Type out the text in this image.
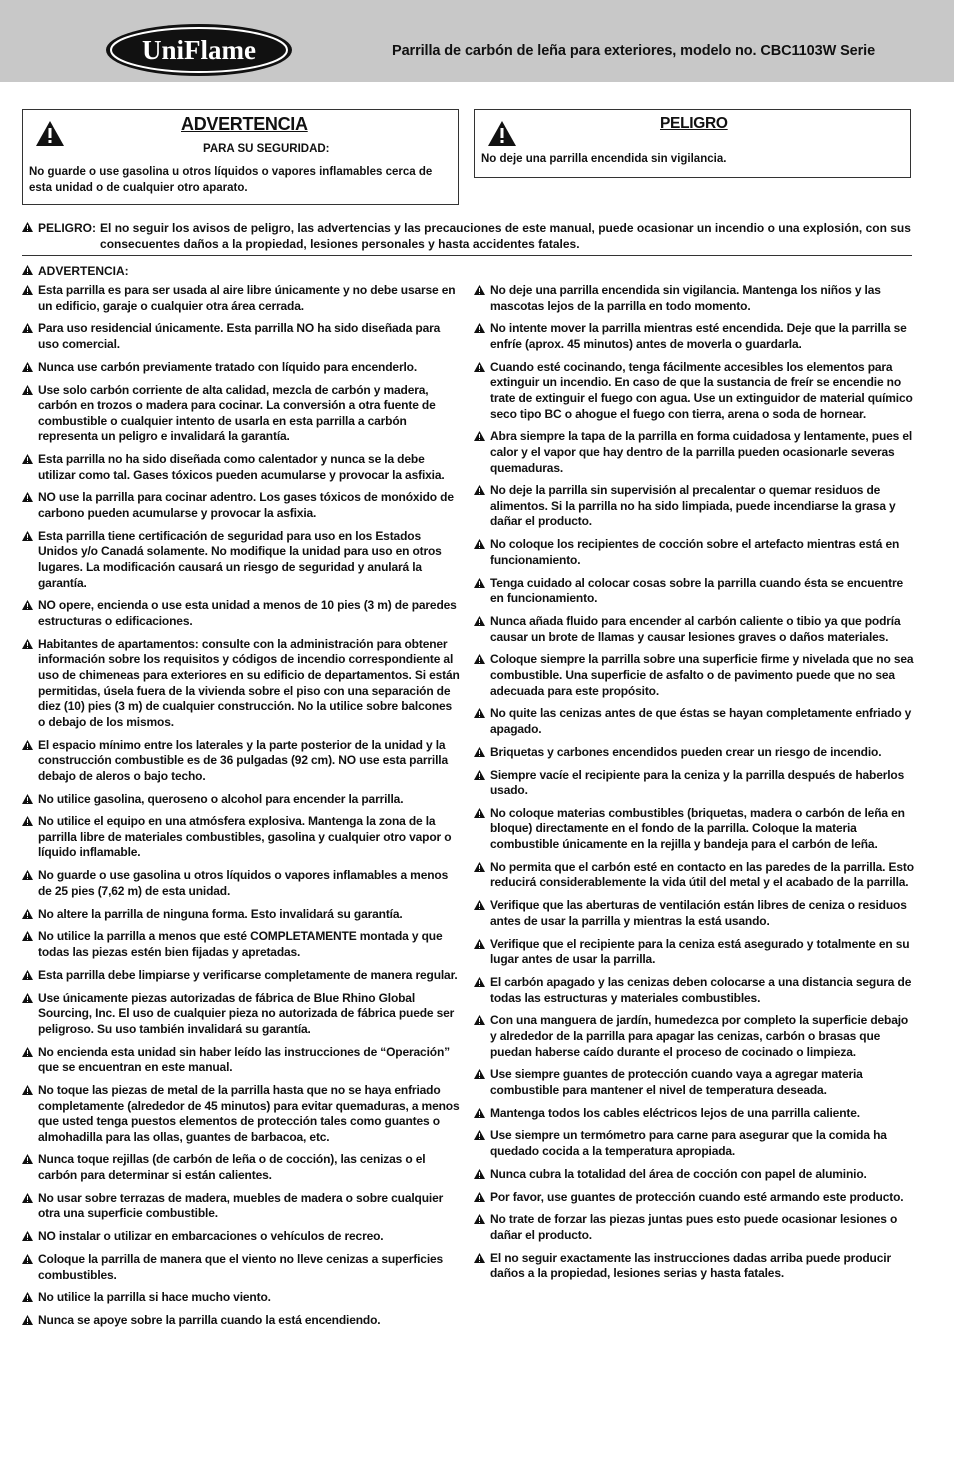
UniFlame	Parrilla de carbón de leña para exteriores, modelo no. CBC1103W Serie
ADVERTENCIA
PARA SU SEGURIDAD:
No guarde o use gasolina u otros líquidos o vapores inflamables cerca de esta unidad o de cualquier otro aparato.
PELIGRO
No deje una parrilla encendida sin vigilancia.
PELIGRO: El no seguir los avisos de peligro, las advertencias y las precauciones de este manual, puede ocasionar un incendio o una explosión, con sus consecuentes daños a la propiedad, lesiones personales y hasta accidentes fatales.
ADVERTENCIA:
Esta parrilla es para ser usada al aire libre únicamente y no debe usarse en un edificio, garaje o cualquier otra área cerrada.
Para uso residencial únicamente. Esta parrilla NO ha sido diseñada para uso comercial.
Nunca use carbón previamente tratado con líquido para encenderlo.
Use solo carbón corriente de alta calidad, mezcla de carbón y madera, carbón en trozos o madera para cocinar. La conversión a otra fuente de combustible o cualquier intento de usarla en esta parrilla a carbón representa un peligro e invalidará la garantía.
Esta parrilla no ha sido diseñada como calentador y nunca se la debe utilizar como tal. Gases tóxicos pueden acumularse y provocar la asfixia.
NO use la parrilla para cocinar adentro. Los gases tóxicos de monóxido de carbono pueden acumularse y provocar la asfixia.
Esta parrilla tiene certificación de seguridad para uso en los Estados Unidos y/o Canadá solamente. No modifique la unidad para uso en otros lugares. La modificación causará un riesgo de seguridad y anulará la garantía.
NO opere, encienda o use esta unidad a menos de 10 pies (3 m) de paredes estructuras o edificaciones.
Habitantes de apartamentos: consulte con la administración para obtener información sobre los requisitos y códigos de incendio correspondiente al uso de chimeneas para exteriores en su edificio de departamentos. Si están permitidas, úsela fuera de la vivienda sobre el piso con una separación de diez (10) pies (3 m) de cualquier construcción. No la utilice sobre balcones o debajo de los mismos.
El espacio mínimo entre los laterales y la parte posterior de la unidad y la construcción combustible es de 36 pulgadas (92 cm). NO use esta parrilla debajo de aleros o bajo techo.
No utilice gasolina, queroseno o alcohol para encender la parrilla.
No utilice el equipo en una atmósfera explosiva. Mantenga la zona de la parrilla libre de materiales combustibles, gasolina y cualquier otro vapor o líquido inflamable.
No guarde o use gasolina u otros líquidos o vapores inflamables a menos de 25 pies (7,62 m) de esta unidad.
No altere la parrilla de ninguna forma. Esto invalidará su garantía.
No utilice la parrilla a menos que esté COMPLETAMENTE montada y que todas las piezas estén bien fijadas y apretadas.
Esta parrilla debe limpiarse y verificarse completamente de manera regular.
Use únicamente piezas autorizadas de fábrica de Blue Rhino Global Sourcing, Inc. El uso de cualquier pieza no autorizada de fábrica puede ser peligroso. Su uso también invalidará su garantía.
No encienda esta unidad sin haber leído las instrucciones de “Operación” que se encuentran en este manual.
No toque las piezas de metal de la parrilla hasta que no se haya enfriado completamente (alrededor de 45 minutos) para evitar quemaduras, a menos que usted tenga puestos elementos de protección tales como guantes o almohadilla para las ollas, guantes de barbacoa, etc.
Nunca toque rejillas (de carbón de leña o de cocción), las cenizas o el carbón para determinar si están calientes.
No usar sobre terrazas de madera, muebles de madera o sobre cualquier otra una superficie combustible.
NO instalar o utilizar en embarcaciones o vehículos de recreo.
Coloque la parrilla de manera que el viento no lleve cenizas a superficies combustibles.
No utilice la parrilla si hace mucho viento.
Nunca se apoye sobre la parrilla cuando la está encendiendo.
No deje una parrilla encendida sin vigilancia. Mantenga los niños y las mascotas lejos de la parrilla en todo momento.
No intente mover la parrilla mientras esté encendida. Deje que la parrilla se enfríe (aprox. 45 minutos) antes de moverla o guardarla.
Cuando esté cocinando, tenga fácilmente accesibles los elementos para extinguir un incendio. En caso de que la sustancia de freír se encendie no trate de extinguir el fuego con agua. Use un extinguidor de material químico seco tipo BC o ahogue el fuego con tierra, arena o soda de hornear.
Abra siempre la tapa de la parrilla en forma cuidadosa y lentamente, pues el calor y el vapor que hay dentro de la parrilla pueden ocasionarle severas quemaduras.
No deje la parrilla sin supervisión al precalentar o quemar residuos de alimentos. Si la parrilla no ha sido limpiada, puede incendiarse la grasa y dañar el producto.
No coloque los recipientes de cocción sobre el artefacto mientras está en funcionamiento.
Tenga cuidado al colocar cosas sobre la parrilla cuando ésta se encuentre en funcionamiento.
Nunca añada fluido para encender al carbón caliente o tibio ya que podría causar un brote de llamas y causar lesiones graves o daños materiales.
Coloque siempre la parrilla sobre una superficie firme y nivelada que no sea combustible. Una superficie de asfalto o de pavimento puede que no sea adecuada para este propósito.
No quite las cenizas antes de que éstas se hayan completamente enfriado y apagado.
Briquetas y carbones encendidos pueden crear un riesgo de incendio.
Siempre vacíe el recipiente para la ceniza y la parrilla después de haberlos usado.
No coloque materias combustibles (briquetas, madera o carbón de leña en bloque) directamente en el fondo de la parrilla. Coloque la materia combustible únicamente en la rejilla y bandeja para el carbón de leña.
No permita que el carbón esté en contacto en las paredes de la parrilla. Esto reducirá considerablemente la vida útil del metal y el acabado de la parrilla.
Verifique que las aberturas de ventilación están libres de ceniza o residuos antes de usar la parrilla y mientras la está usando.
Verifique que el recipiente para la ceniza está asegurado y totalmente en su lugar antes de usar la parrilla.
El carbón apagado y las cenizas deben colocarse a una distancia segura de todas las estructuras y materiales combustibles.
Con una manguera de jardín, humedezca por completo la superficie debajo y alrededor de la parrilla para apagar las cenizas, carbón o brasas que puedan haberse caído durante el proceso de cocinado o limpieza.
Use siempre guantes de protección cuando vaya a agregar materia combustible para mantener el nivel de temperatura deseada.
Mantenga todos los cables eléctricos lejos de una parrilla caliente.
Use siempre un termómetro para carne para asegurar que la comida ha quedado cocida a la temperatura apropiada.
Nunca cubra la totalidad del área de cocción con papel de aluminio.
Por favor, use guantes de protección cuando esté armando este producto.
No trate de forzar las piezas juntas pues esto puede ocasionar lesiones o dañar el producto.
El no seguir exactamente las instrucciones dadas arriba puede producir daños a la propiedad, lesiones serias y hasta fatales.
